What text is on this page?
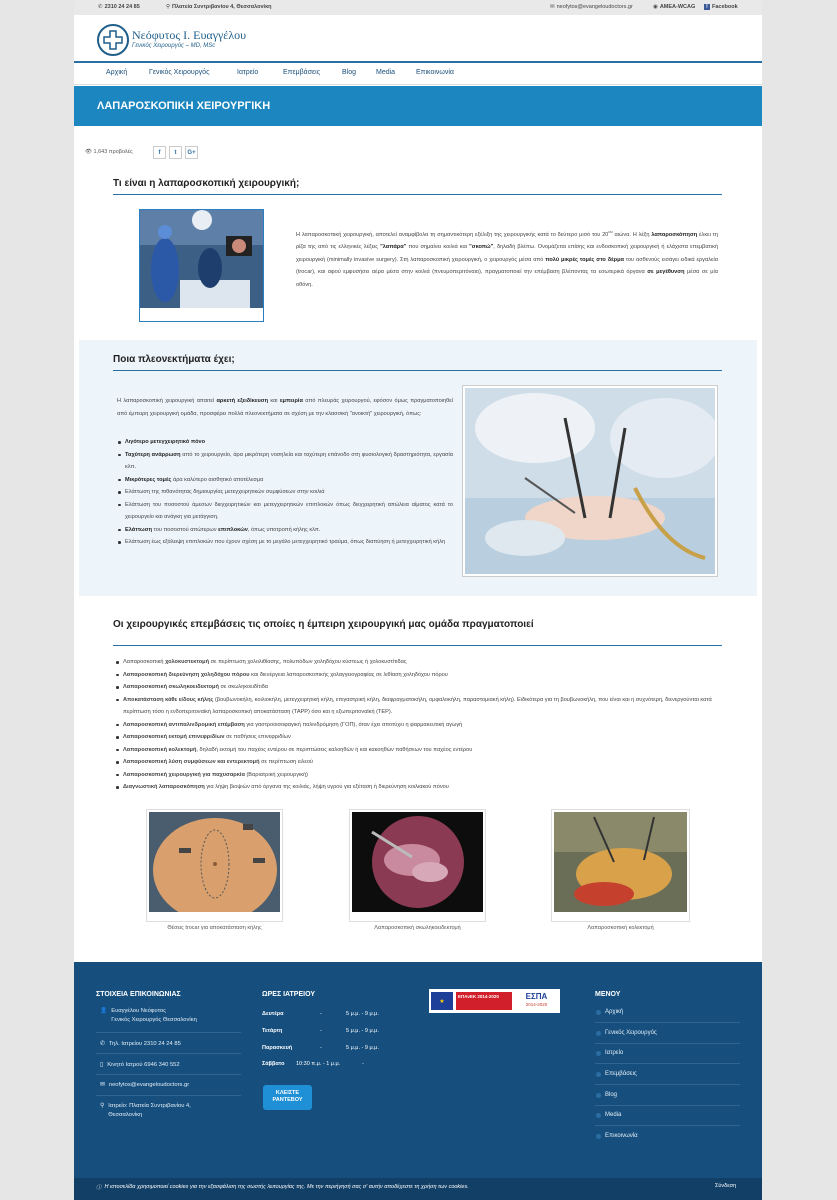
✆ 2310 24 24 85	⚲ Πλατεία Συντριβανίου 4, Θεσσαλονίκη	✉ neofytos@evangeloudoctors.gr	◉ AMEA-WCAG	f Facebook
Νεόφυτος Ι. Ευαγγέλου
Γενικός Χειρουργός – MD, MSc
Αρχική	Γενικός Χειρουργός	Ιατρείο	Επεμβάσεις	Blog	Media	Επικοινωνία
ΛΑΠΑΡΟΣΚΟΠΙΚΗ ΧΕΙΡΟΥΡΓΙΚΗ
👁 1,643 προβολές	f	t	G+
Τι είναι η λαπαροσκοπική χειρουργική;
Η λαπαροσκοπική χειρουργική, αποτελεί αναμφίβολα τη σημαντικότερη εξέλιξη της χειρουργικής κατά το δεύτερο μισό του $20^{o\upsilon}$ αιώνα. Η λέξη λαπαροσκόπηση έλκει τη ρίζα της από τις ελληνικές λέξεις "λαπάρα" που σημαίνει κοιλιά και "σκοπώ", δηλαδή βλέπω. Ονομάζεται επίσης και ενδοσκοπική χειρουργική ή ελάχιστα επεμβατική χειρουργική (minimally invasive surgery). Στη λαπαροσκοπική χειρουργική, ο χειρουργός μέσα από πολύ μικρές τομές στο δέρμα του ασθενούς εισάγει ειδικά εργαλεία (trocar), και αφού εμφυσήσει αέρα μέσα στην κοιλιά (πνευμοπεριτόναιο), πραγματοποιεί την επέμβαση βλέποντας τα εσωτερικά όργανα σε μεγέθυνση μέσα σε μία οθόνη.
Ποια πλεονεκτήματα έχει;
Η λαπαροσκοπική χειρουργική απαιτεί αρκετή εξειδίκευση και εμπειρία από πλευράς χειρουργού, εφόσον όμως πραγματοποιηθεί από έμπειρη χειρουργική ομάδα, προσφέρει πολλά πλεονεκτήματα σε σχέση με την κλασσική "ανοικτή" χειρουργική, όπως:
Λιγότερο μετεγχειρητικό πόνο
Ταχύτερη ανάρρωση από το χειρουργείο, άρα μικρότερη νοσηλεία και ταχύτερη επάνοδο στη φυσιολογική δραστηριότητα, εργασία κλπ.
Μικρότερες τομές άρα καλύτερο αισθητικό αποτέλεσμα
Ελάττωση της πιθανότητας δημιουργίας μετεγχειρητικών συμφύσεων στην κοιλιά
Ελάττωση του ποσοστού άμεσων διεγχειρητικών και μετεγχειρητικών επιπλοκών όπως διεγχειρητική απώλεια αίματος κατά το χειρουργείο και ανάγκη για μετάγγιση.
Ελάττωση του ποσοστού απώτερων επιπλοκών, όπως υποτροπή κήλης κλπ.
Ελάττωση έως εξάλειψη επιπλοκών που έχουν σχέση με το μεγάλο μετεγχειρητικό τραύμα, όπως διαπύηση ή μετεγχειρητική κήλη
Οι χειρουργικές επεμβάσεις τις οποίες η έμπειρη χειρουργική μας ομάδα πραγματοποιεί
Λαπαροσκοπική χολοκυστεκτομή σε περίπτωση χολολιθίασης, πολυπόδων χοληδόχου κύστεως ή χολοκυστίτιδας
Λαπαροσκοπική διερεύνηση χοληδόχου πόρου και διενέργεια λαπαροσκοπικής χολαγγειογραφίας σε λιθίαση χοληδόχου πόρου
Λαπαροσκοπική σκωληκοειδεκτομή σε σκωληκοειδίτιδα
Αποκατάσταση κάθε είδους κήλης (βουβωνοκήλη, κοιλιοκήλη, μετεγχειρητική κήλη, επιγαστρική κήλη, διαφραγματοκήλη, ομφαλοκήλη, παραστομιακή κήλη). Ειδικότερα για τη βουβωνοκήλη, που είναι και η συχνότερη, διενεργούνται κατά περίπτωση τόσο η ενδοπεριτοναϊκή λαπαροσκοπική αποκατάσταση (TAPP) όσο και η εξωπεριτοναϊκή (TEP).
Λαπαροσκοπική αντιπαλινδρομική επέμβαση για γαστροοισοφαγική παλινδρόμηση (ΓΟΠ), όταν έχει αποτύχει η φαρμακευτική αγωγή
Λαπαροσκοπική εκτομή επινεφριδίων σε παθήσεις επινεφριδίων
Λαπαροσκοπική κολεκτομή, δηλαδή εκτομή του παχέος εντέρου σε περιπτώσεις καλοηθών ή και κακοηθών παθήσεων του παχέος εντέρου
Λαπαροσκοπική λύση συμφύσεων και εντερεκτομή σε περίπτωση ειλεού
Λαπαροσκοπική χειρουργική για παχυσαρκία (Βαριατρική χειρουργική)
Διαγνωστική λαπαροσκόπηση για λήψη βιοψιών από όργανα της κοιλιάς, λήψη υγρού για εξέταση ή διερεύνηση κοιλιακού πόνου
Θέσεις trocar για αποκατάσταση κήλης	Λαπαροσκοπική σκωληκοειδεκτομή	Λαπαροσκοπική κολεκτομή
ΣΤΟΙΧΕΙΑ ΕΠΙΚΟΙΝΩΝΙΑΣ
👤 Ευαγγέλου Νεόφυτος
Γενικός Χειρουργός Θεσσαλονίκη
✆ Τηλ. Ιατρείου 2310 24 24 85
▯ Κινητό Ιατρού 6946 340 552
✉ neofytos@evangeloudoctors.gr
⚲ Ιατρείο: Πλατεία Συντριβανίου 4,
Θεσσαλονίκη
ΩΡΕΣ ΙΑΤΡΕΙΟΥ
Δευτέρα	-	5 μ.μ. - 9 μ.μ.
Τετάρτη	-	5 μ.μ. - 9 μ.μ.
Παρασκευή	-	5 μ.μ. - 9 μ.μ.
Σάββατο 10:30 π.μ. - 1 μ.μ.	-
ΚΛΕΙΣΤΕ
ΡΑΝΤΕΒΟΥ
★
ΕΠΑνΕΚ 2014-2020	ΕΣΠΑ
2014-2020
ΜΕΝΟΥ
Αρχική
Γενικός Χειρουργός
Ιατρείο
Επεμβάσεις
Blog
Media
Επικοινωνία
ⓘ Η ιστοσελίδα χρησιμοποιεί cookies για την εξασφάλιση της σωστής λειτουργίας της. Με την περιήγησή σας σ' αυτήν αποδέχεστε τη χρήση των cookies.	Σύνδεση
